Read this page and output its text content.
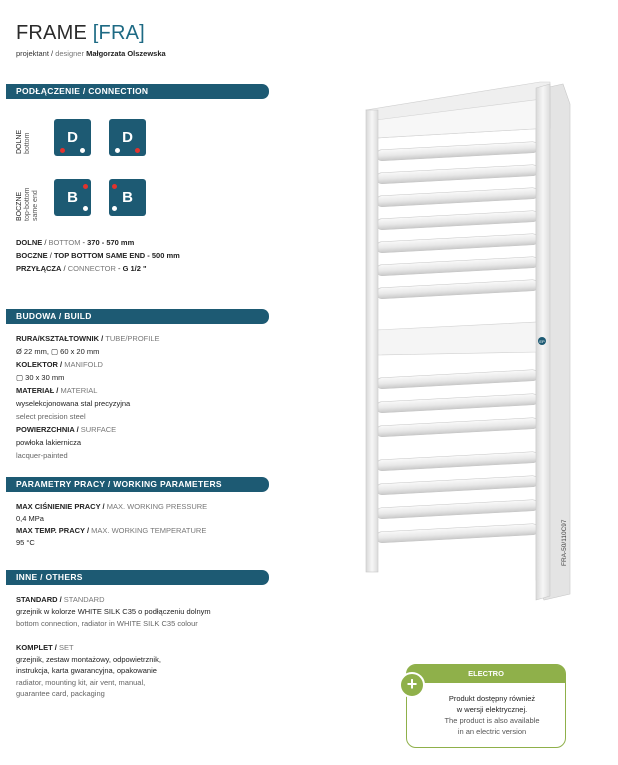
FRAME [FRA]
projektant / designer Małgorzata Olszewska
PODŁĄCZENIE / CONNECTION
DOLNE bottom	D	D
BOCZNE top-bottom same end	B	B
DOLNE / BOTTOM - 370 - 570 mm
BOCZNE / TOP BOTTOM SAME END - 500 mm
PRZYŁĄCZA / CONNECTOR - G 1/2 "
BUDOWA / BUILD
RURA/KSZTAŁTOWNIK / TUBE/PROFILE
Ø 22 mm, ▢ 60 x 20 mm
KOLEKTOR / MANIFOLD
▢ 30 x 30 mm
MATERIAŁ / MATERIAL
wyselekcjonowana stal precyzyjna
select precision steel
POWIERZCHNIA / SURFACE
powłoka lakiernicza
lacquer-painted
PARAMETRY PRACY / WORKING PARAMETERS
MAX CIŚNIENIE PRACY / MAX. WORKING PRESSURE
0,4 MPa
MAX TEMP. PRACY / MAX. WORKING TEMPERATURE
95 °C
INNE / OTHERS
STANDARD / STANDARD
grzejnik w kolorze WHITE SILK C35 o podłączeniu dolnym
bottom connection, radiator in WHITE SILK C35 colour
KOMPLET / SET
grzejnik, zestaw montażowy, odpowietrznik,
instrukcja, karta gwarancyjna, opakowanie
radiator, mounting kit, air vent, manual,
guarantee card, packaging
EP
FRA-50/110C97
ELECTRO
+
Produkt dostępny również
w wersji elektrycznej.
The product is also available
in an electric version
